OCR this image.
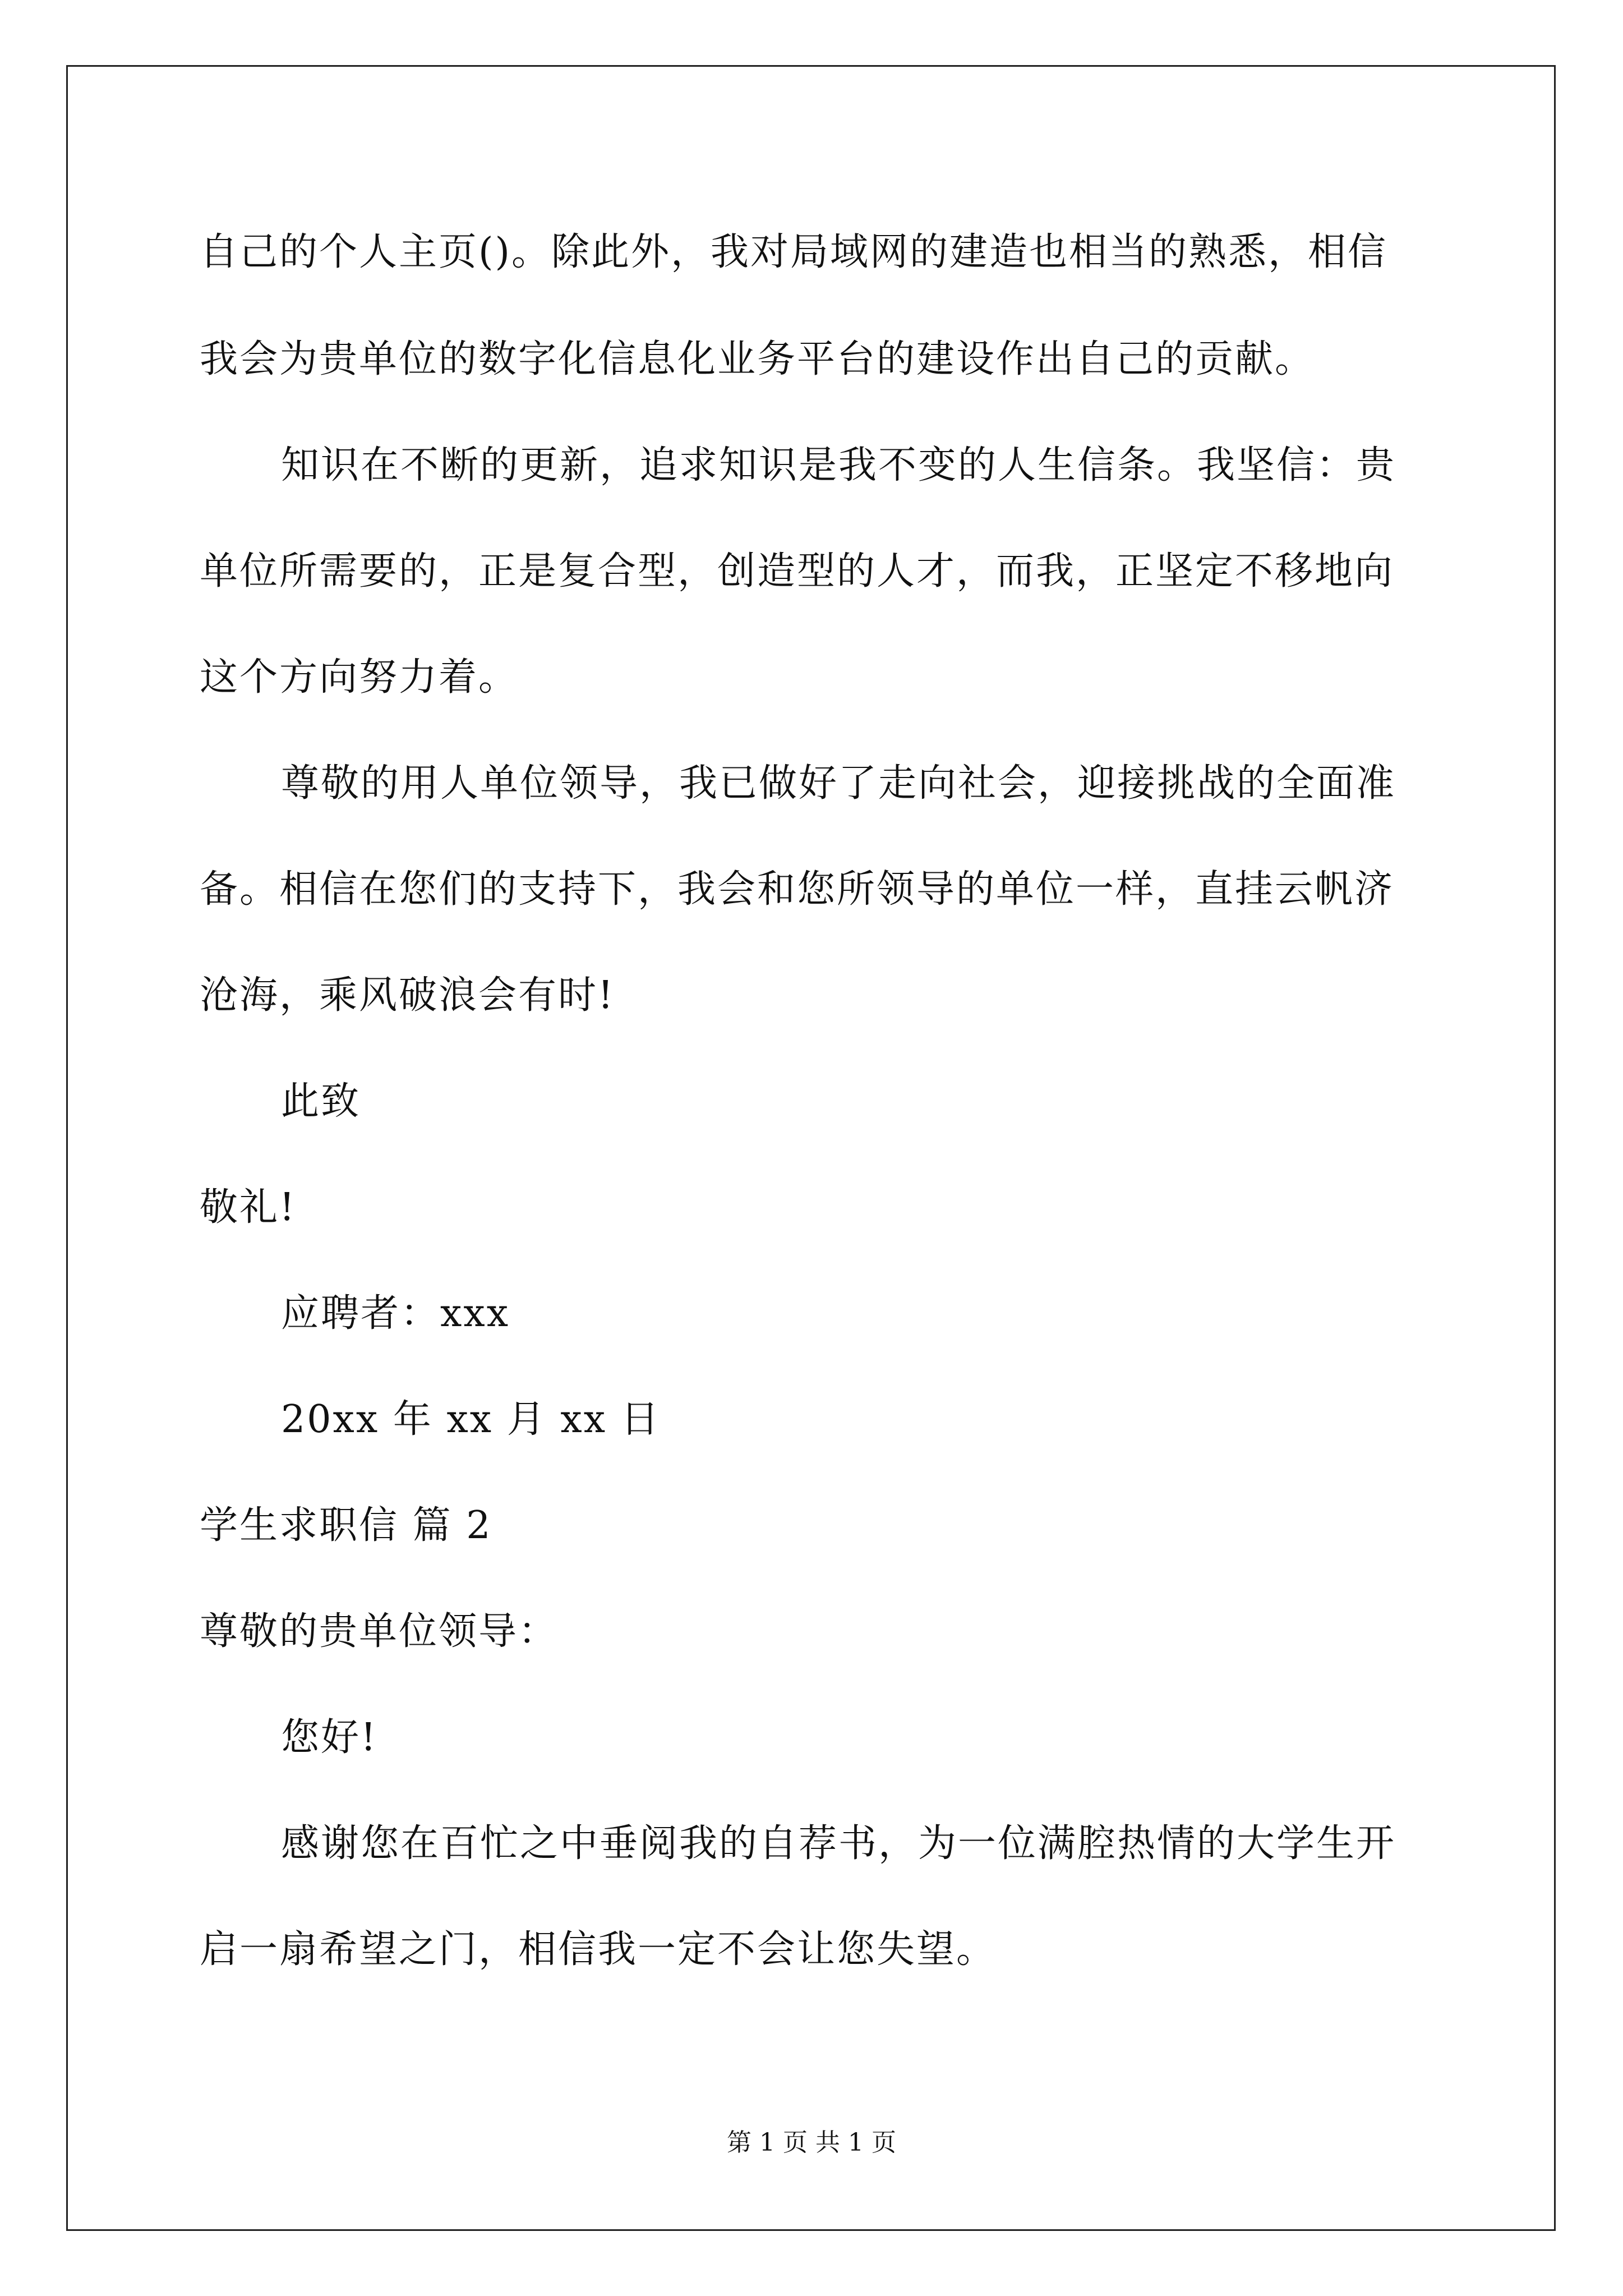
自己的个人主页()。除此外，我对局域网的建造也相当的熟悉，相信
我会为贵单位的数字化信息化业务平台的建设作出自己的贡献。
知识在不断的更新，追求知识是我不变的人生信条。我坚信：贵
单位所需要的，正是复合型，创造型的人才，而我，正坚定不移地向
这个方向努力着。
尊敬的用人单位领导，我已做好了走向社会，迎接挑战的全面准
备。相信在您们的支持下，我会和您所领导的单位一样，直挂云帆济
沧海，乘风破浪会有时!
此致
敬礼!
应聘者：xxx
20xx 年 xx 月 xx 日
学生求职信 篇 2
尊敬的贵单位领导：
您好!
感谢您在百忙之中垂阅我的自荐书，为一位满腔热情的大学生开
启一扇希望之门，相信我一定不会让您失望。
第 1 页 共 1 页
